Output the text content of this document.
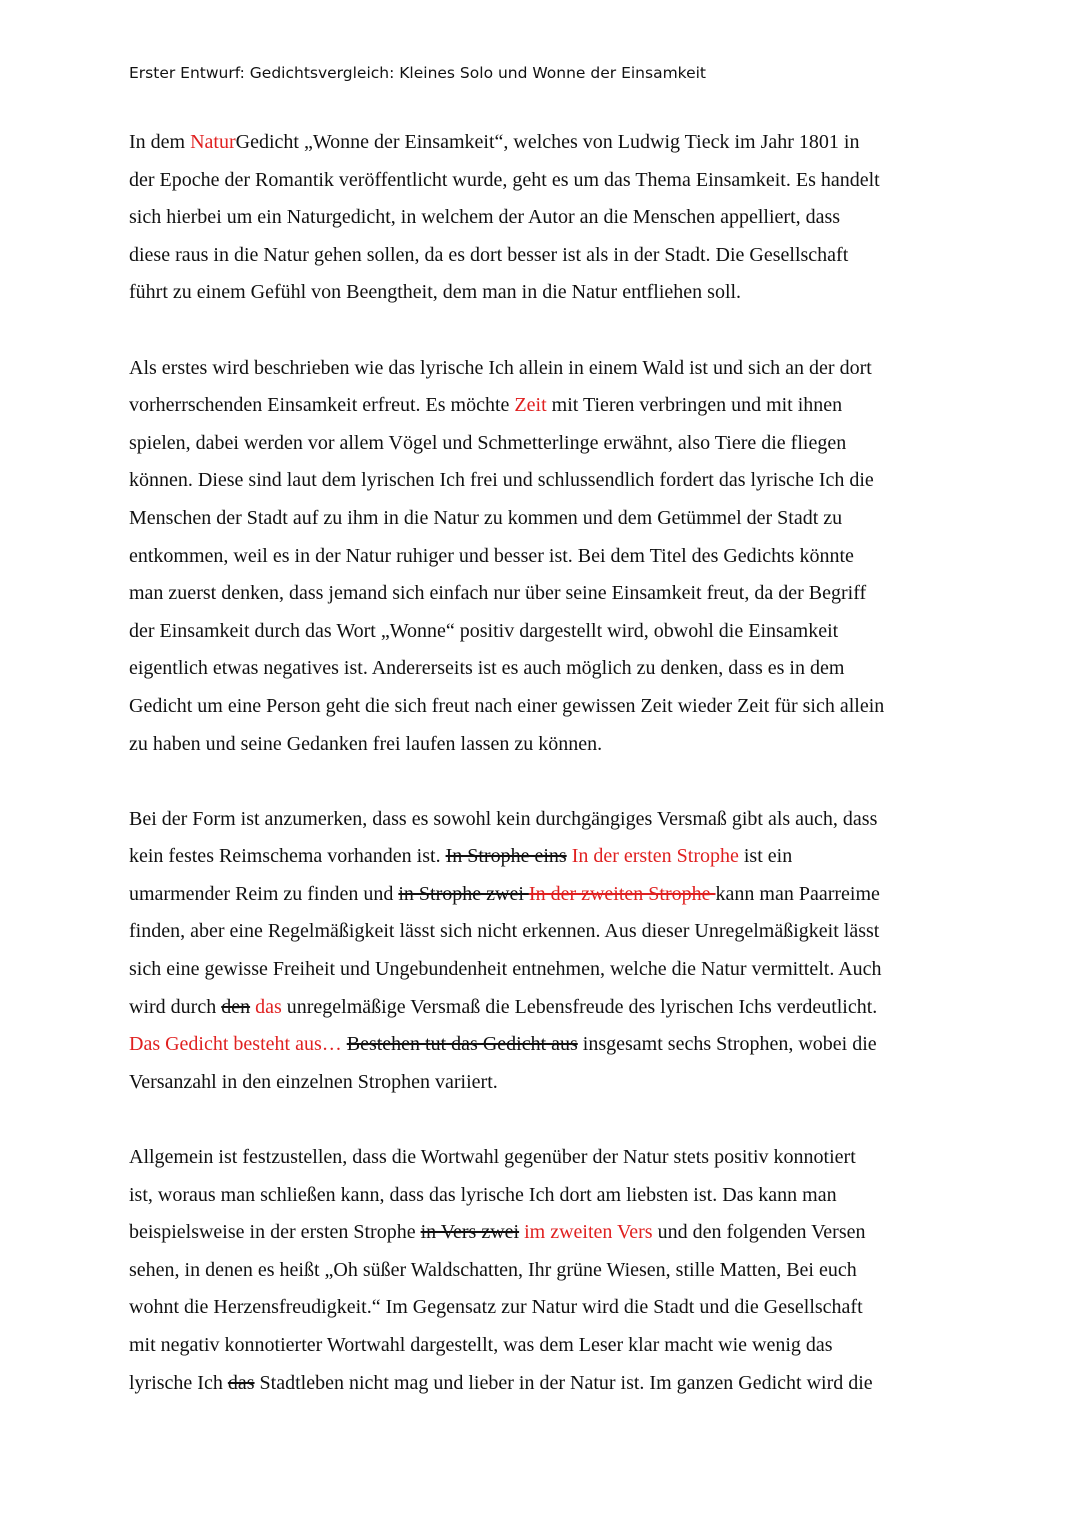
Erster Entwurf: Gedichtsvergleich: Kleines Solo und Wonne der Einsamkeit
In dem NaturGedicht „Wonne der Einsamkeit“, welches von Ludwig Tieck im Jahr 1801 in
der Epoche der Romantik veröffentlicht wurde, geht es um das Thema Einsamkeit. Es handelt
sich hierbei um ein Naturgedicht, in welchem der Autor an die Menschen appelliert, dass
diese raus in die Natur gehen sollen, da es dort besser ist als in der Stadt. Die Gesellschaft
führt zu einem Gefühl von Beengtheit, dem man in die Natur entfliehen soll.
Als erstes wird beschrieben wie das lyrische Ich allein in einem Wald ist und sich an der dort
vorherrschenden Einsamkeit erfreut. Es möchte Zeit mit Tieren verbringen und mit ihnen
spielen, dabei werden vor allem Vögel und Schmetterlinge erwähnt, also Tiere die fliegen
können. Diese sind laut dem lyrischen Ich frei und schlussendlich fordert das lyrische Ich die
Menschen der Stadt auf zu ihm in die Natur zu kommen und dem Getümmel der Stadt zu
entkommen, weil es in der Natur ruhiger und besser ist. Bei dem Titel des Gedichts könnte
man zuerst denken, dass jemand sich einfach nur über seine Einsamkeit freut, da der Begriff
der Einsamkeit durch das Wort „Wonne“ positiv dargestellt wird, obwohl die Einsamkeit
eigentlich etwas negatives ist. Andererseits ist es auch möglich zu denken, dass es in dem
Gedicht um eine Person geht die sich freut nach einer gewissen Zeit wieder Zeit für sich allein
zu haben und seine Gedanken frei laufen lassen zu können.
Bei der Form ist anzumerken, dass es sowohl kein durchgängiges Versmaß gibt als auch, dass
kein festes Reimschema vorhanden ist. In Strophe eins In der ersten Strophe ist ein
umarmender Reim zu finden und in Strophe zwei In der zweiten Strophe kann man Paarreime
finden, aber eine Regelmäßigkeit lässt sich nicht erkennen. Aus dieser Unregelmäßigkeit lässt
sich eine gewisse Freiheit und Ungebundenheit entnehmen, welche die Natur vermittelt. Auch
wird durch den das unregelmäßige Versmaß die Lebensfreude des lyrischen Ichs verdeutlicht.
Das Gedicht besteht aus… Bestehen tut das Gedicht aus insgesamt sechs Strophen, wobei die
Versanzahl in den einzelnen Strophen variiert.
Allgemein ist festzustellen, dass die Wortwahl gegenüber der Natur stets positiv konnotiert
ist, woraus man schließen kann, dass das lyrische Ich dort am liebsten ist. Das kann man
beispielsweise in der ersten Strophe in Vers zwei im zweiten Vers und den folgenden Versen
sehen, in denen es heißt „Oh süßer Waldschatten, Ihr grüne Wiesen, stille Matten, Bei euch
wohnt die Herzensfreudigkeit.“ Im Gegensatz zur Natur wird die Stadt und die Gesellschaft
mit negativ konnotierter Wortwahl dargestellt, was dem Leser klar macht wie wenig das
lyrische Ich das Stadtleben nicht mag und lieber in der Natur ist. Im ganzen Gedicht wird die
